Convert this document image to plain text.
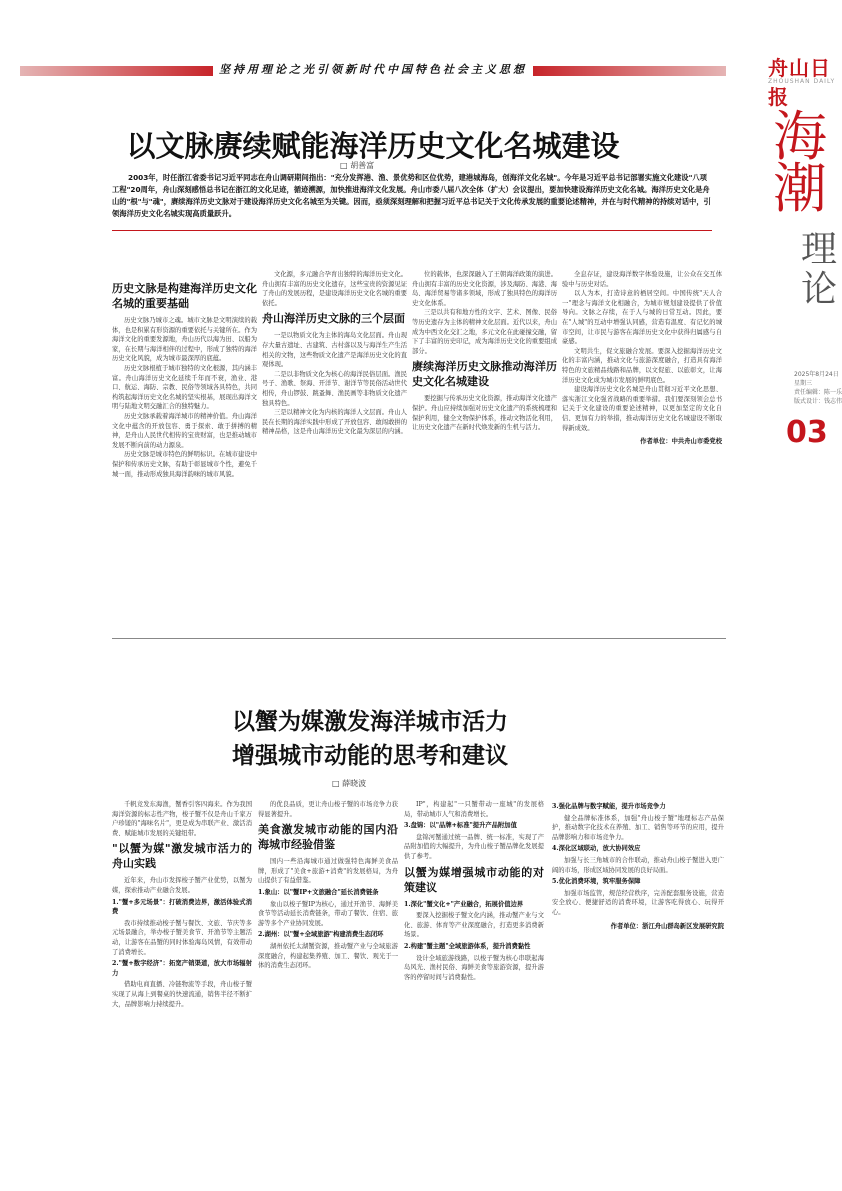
舟山日报
ZHOUSHAN DAILY
海
潮
理
论
2025年8月24日
星期三
责任编辑：陈一乐
版式设计：钱志伟
03
坚持用理论之光引领新时代中国特色社会主义思想
以文脉赓续赋能海洋历史文化名城建设
□ 胡善富
2003年，时任浙江省委书记习近平同志在舟山调研期间指出："充分发挥港、渔、景优势和区位优势，建港城海岛，创海洋文化名城"。今年是习近平总书记部署实施文化建设"八项工程"20周年，舟山深刻感悟总书记在浙江的文化足迹，循迹溯源，加快推进海洋文化发展。舟山市委八届八次全体（扩大）会议提出，要加快建设海洋历史文化名城。海洋历史文化是舟山的"根"与"魂"，赓续海洋历史文脉对于建设海洋历史文化名城至为关键。因而，亟须深刻理解和把握习近平总书记关于文化传承发展的重要论述精神，并在与时代精神的持续对话中，引领海洋历史文化名城实现高质量跃升。
历史文脉是构建海洋历史文化名城的重要基础

历史文脉乃城市之魂。城市文脉是文明演续的载体，也是积累有形资源的重要依托与关键所在。作为海洋文化的重要发源地，舟山历代以海为田、以船为家，在长期与海洋相伴的过程中，形成了独特的海洋历史文化风貌，成为城市最深厚的底蕴。

历史文脉根植于城市独特的文化根源，其内涵丰富。舟山海洋历史文化延续千年而不衰，渔业、港口、航运、海防、宗教、民俗等领域各具特色，共同构筑起海洋历史文化名城的坚实根基，展现出海洋文明与陆地文明交融汇合的独特魅力。

历史文脉承载着海洋城市的精神价值。舟山海洋文化中蕴含的开放包容、勇于探索、敢于拼搏的精神，是舟山人民世代相传的宝贵财富，也是推动城市发展不断向前的动力源泉。

历史文脉是城市特色的鲜明标识。在城市建设中保护和传承历史文脉，有助于彰显城市个性，避免千城一面，推动形成独具海洋韵味的城市风貌。

文化源，多元融合孕育出独特的海洋历史文化。舟山拥有丰富的历史文化遗存，这些宝贵的资源见证了舟山的发展历程，是建设海洋历史文化名城的重要依托。

舟山海洋历史文脉的三个层面

一是以物质文化为主体的海岛文化层面。舟山现存大量古遗址、古建筑、古村落以及与海洋生产生活相关的文物，这些物质文化遗产是海洋历史文化的直观体现。

二是以非物质文化为核心的海洋民俗层面。渔民号子、渔歌、祭海、开洋节、谢洋节等民俗活动世代相传，舟山锣鼓、跳蚤舞、渔民画等非物质文化遗产独具特色。

三是以精神文化为内核的海洋人文层面。舟山人民在长期的海洋实践中形成了开放包容、敢闯敢拼的精神品格，这是舟山海洋历史文化最为深层的内涵。

位的载体，也深深融入了王朝海洋政策的演进。舟山拥有丰富的历史文化资源，涉及海防、海港、海岛、海洋贸易等诸多领域，形成了独具特色的海洋历史文化体系。

三是以共有和地方性的文字、艺术、图像、民俗等历史遗存为主体的精神文化层面。近代以来，舟山成为中西文化交汇之地，多元文化在此碰撞交融，留下了丰富的历史印记，成为海洋历史文化的重要组成部分。

赓续海洋历史文脉推动海洋历史文化名城建设

要挖掘与传承历史文化资源，推动海洋文化遗产保护。舟山应持续加强对历史文化遗产的系统梳理和保护利用，健全文物保护体系，推动文物活化利用，让历史文化遗产在新时代焕发新的生机与活力。

全息存证，建设海洋数字体验设施，让公众在交互体验中与历史对话。

以人为本，打造诗意的栖居空间。中国传统"天人合一"理念与海洋文化相融合，为城市规划建设提供了价值导向。文脉之存续，在于人与城的日常互动。因此，要在"人城"的互动中增强认同感，营造有温度、有记忆的城市空间，让市民与游客在海洋历史文化中获得归属感与自豪感。

文明共生，促文旅融合发展。要深入挖掘海洋历史文化的丰富内涵，推动文化与旅游深度融合，打造具有海洋特色的文旅精品线路和品牌，以文促旅、以旅彰文，让海洋历史文化成为城市发展的鲜明底色。

建设海洋历史文化名城是舟山贯彻习近平文化思想、落实浙江文化强省战略的重要举措。我们要深刻领会总书记关于文化建设的重要论述精神，以更加坚定的文化自信、更加有力的举措，推动海洋历史文化名城建设不断取得新成效。

作者单位：中共舟山市委党校
以蟹为媒激发海洋城市活力
增强城市动能的思考和建议
□ 薛晓波

千帆竞发东海渔，蟹香引客四海来。作为我国海洋资源的标志性产物，梭子蟹不仅是舟山千家万户珍馐的"海味名片"，更是成为串联产业、激活消费、赋能城市发展的关键纽带。

"以蟹为媒"激发城市活力的舟山实践

近年来，舟山市发挥梭子蟹产业优势，以蟹为媒，探索推动产业融合发展。

1."蟹+多元场景"：打破消费边界，激活体验式消费

我市持续推动梭子蟹与餐饮、文旅、节庆等多元场景融合，举办梭子蟹美食节、开渔节等主题活动，让游客在品蟹的同时体验海岛风情，有效带动了消费增长。

2."蟹+数字经济"：拓宽产销渠道，放大市场辐射力

借助电商直播、冷链物流等手段，舟山梭子蟹实现了从海上到餐桌的快速流通，销售半径不断扩大，品牌影响力持续提升。

的优良品质，更让舟山梭子蟹的市场竞争力获得显著提升。

美食激发城市动能的国内沿海城市经验借鉴

国内一些沿海城市通过做强特色海鲜美食品牌，形成了"美食+旅游+消费"的发展格局，为舟山提供了有益借鉴。

1.象山：以"蟹IP+文旅融合"延长消费链条

象山以梭子蟹IP为核心，通过开渔节、海鲜美食节等活动延长消费链条，带动了餐饮、住宿、旅游等多个产业协同发展。

2.湖州：以"蟹+全域旅游"构建消费生态闭环

湖州依托太湖蟹资源，推动蟹产业与全域旅游深度融合，构建起集养殖、加工、餐饮、观光于一体的消费生态闭环。

IP"，构建起"一只蟹带动一座城"的发展格局，带动城市人气和消费增长。

3.盘锦：以"品牌+标准"提升产品附加值

盘锦河蟹通过统一品牌、统一标准，实现了产品附加值的大幅提升，为舟山梭子蟹品牌化发展提供了参考。

以蟹为媒增强城市动能的对策建议
1.深化"蟹文化+"产业融合，拓展价值边界

要深入挖掘梭子蟹文化内涵，推动蟹产业与文化、旅游、体育等产业深度融合，打造更多消费新场景。

2.构建"蟹主题"全域旅游体系，提升消费黏性

设计全域旅游线路，以梭子蟹为核心串联起海岛风光、渔村民俗、海鲜美食等旅游资源，提升游客的停留时间与消费黏性。

3.强化品牌与数字赋能，提升市场竞争力

健全品牌标准体系，加强"舟山梭子蟹"地理标志产品保护，推动数字化技术在养殖、加工、销售等环节的应用，提升品牌影响力和市场竞争力。

4.深化区域联动，放大协同效应

加强与长三角城市的合作联动，推动舟山梭子蟹进入更广阔的市场，形成区域协同发展的良好局面。

5.优化消费环境，筑牢服务保障

加强市场监管，规范经营秩序，完善配套服务设施，营造安全放心、便捷舒适的消费环境，让游客吃得放心、玩得开心。

作者单位：浙江舟山群岛新区发展研究院
